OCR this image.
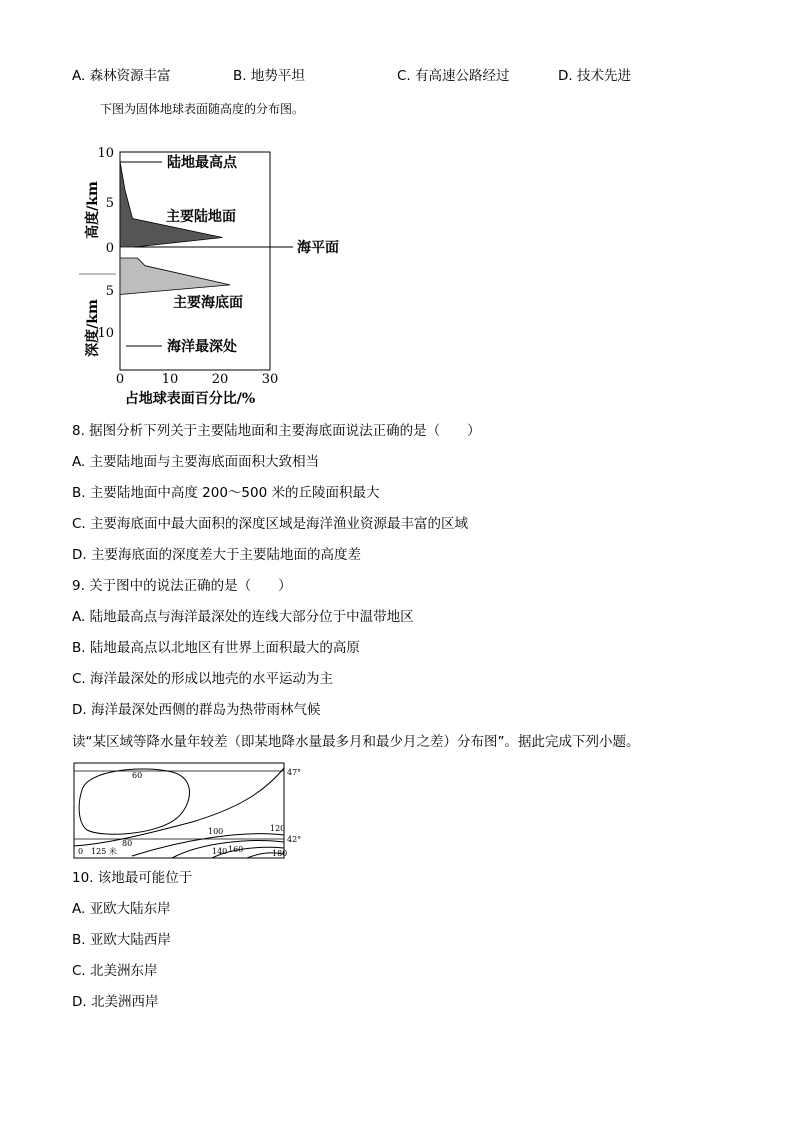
A. 森林资源丰富	B. 地势平坦	C. 有高速公路经过	D. 技术先进
下图为固体地球表面随高度的分布图。
10
5
0
5
10
0	10	20	30
高度/km
深度/km
占地球表面百分比/%
陆地最高点
主要陆地面
海平面
主要海底面
海洋最深处
8. 据图分析下列关于主要陆地面和主要海底面说法正确的是（　　）
A. 主要陆地面与主要海底面面积大致相当
B. 主要陆地面中高度 200～500 米的丘陵面积最大
C. 主要海底面中最大面积的深度区域是海洋渔业资源最丰富的区域
D. 主要海底面的深度差大于主要陆地面的高度差
9. 关于图中的说法正确的是（　　）
A. 陆地最高点与海洋最深处的连线大部分位于中温带地区
B. 陆地最高点以北地区有世界上面积最大的高原
C. 海洋最深处的形成以地壳的水平运动为主
D. 海洋最深处西侧的群岛为热带雨林气候
读“某区域等降水量年较差（即某地降水量最多月和最少月之差）分布图”。据此完成下列小题。
60
80
100	120
140 160	180
47°
42°
0　125 米
10. 该地最可能位于
A. 亚欧大陆东岸
B. 亚欧大陆西岸
C. 北美洲东岸
D. 北美洲西岸
